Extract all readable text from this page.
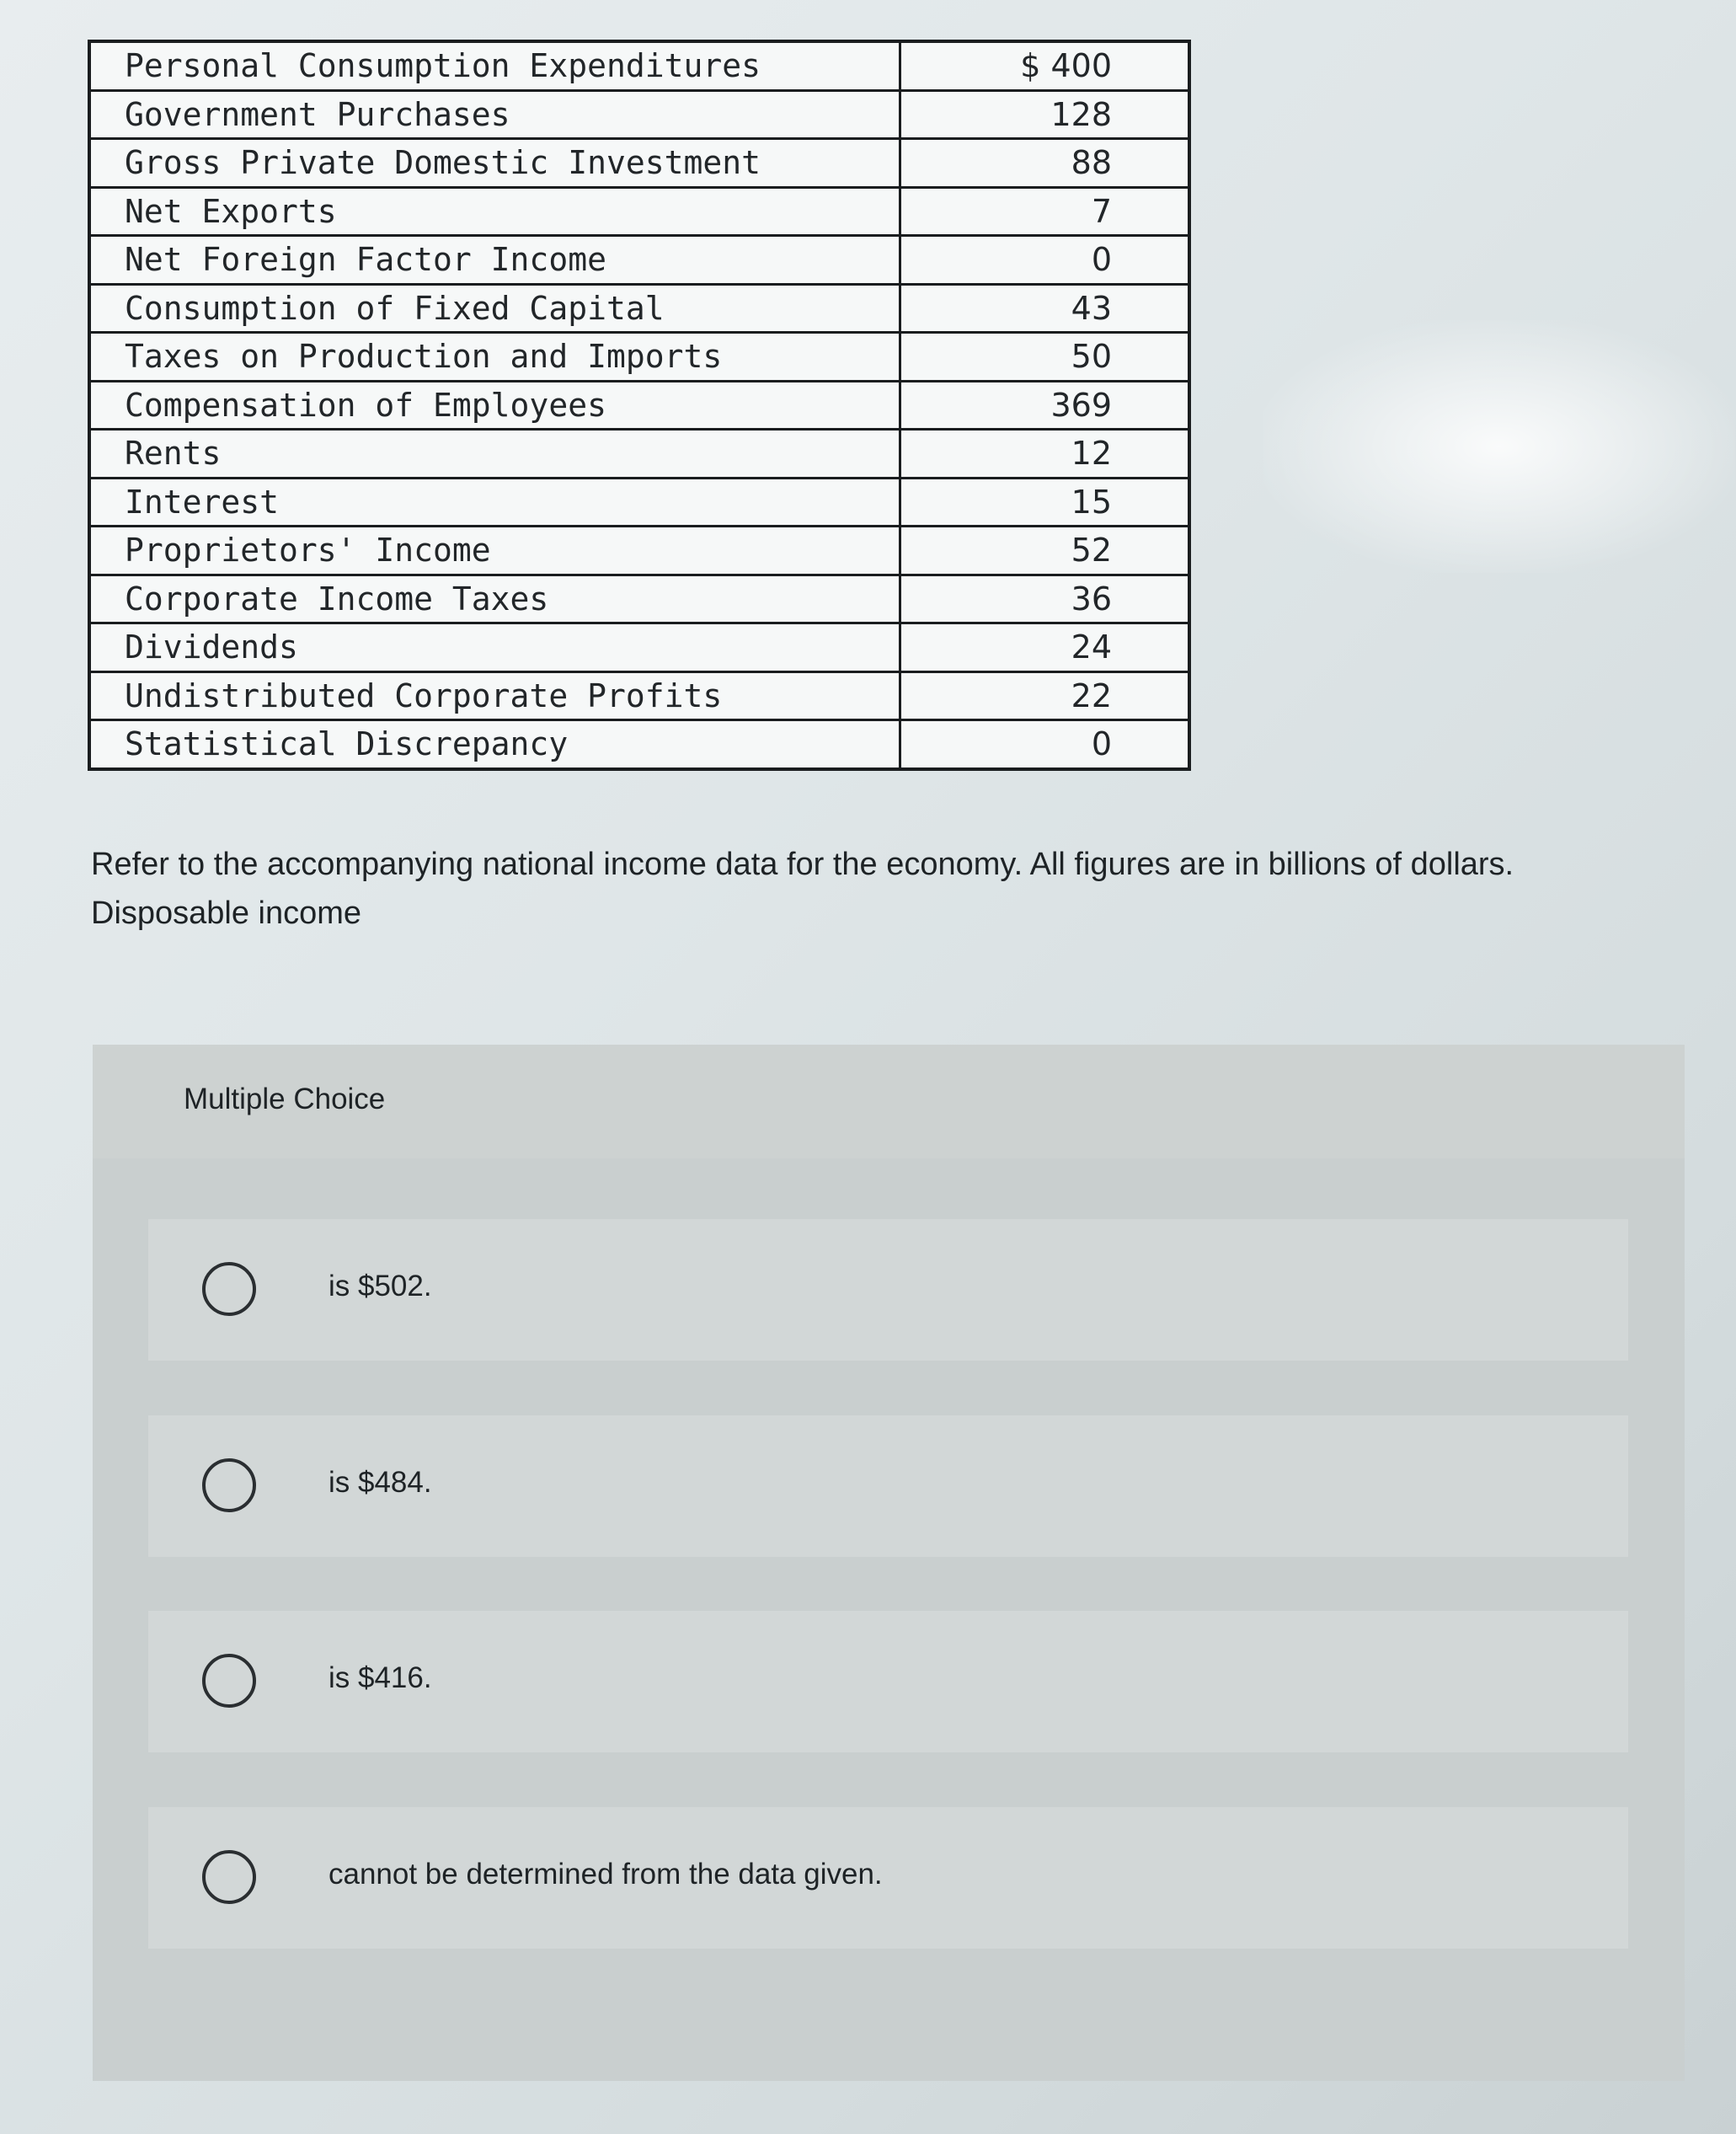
Personal Consumption Expenditures	$ 400
Government Purchases	128
Gross Private Domestic Investment	88
Net Exports	7
Net Foreign Factor Income	0
Consumption of Fixed Capital	43
Taxes on Production and Imports	50
Compensation of Employees	369
Rents	12
Interest	15
Proprietors' Income	52
Corporate Income Taxes	36
Dividends	24
Undistributed Corporate Profits	22
Statistical Discrepancy	0

Refer to the accompanying national income data for the economy. All figures are in billions of dollars.

Disposable income

Multiple Choice
is $502.
is $484.
is $416.
cannot be determined from the data given.
